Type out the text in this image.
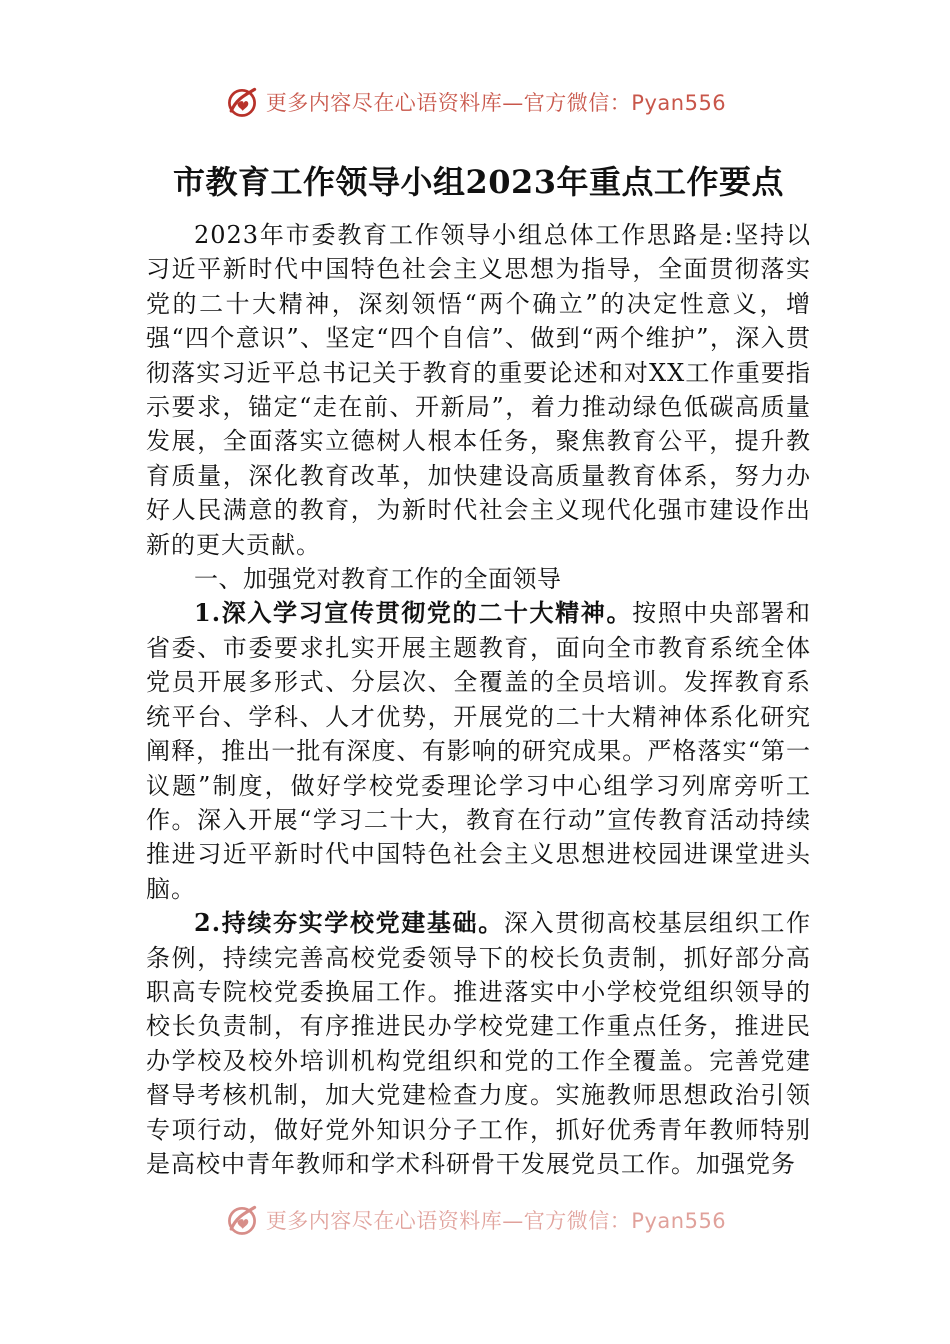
更多内容尽在心语资料库—官方微信：Pyan556
市教育工作领导小组2023年重点工作要点

2023年市委教育工作领导小组总体工作思路是:坚持以习近平新时代中国特色社会主义思想为指导，全面贯彻落实党的二十大精神，深刻领悟“两个确立”的决定性意义，增强“四个意识”、坚定“四个自信”、做到“两个维护”，深入贯彻落实习近平总书记关于教育的重要论述和对XX工作重要指示要求，锚定“走在前、开新局”，着力推动绿色低碳高质量发展，全面落实立德树人根本任务，聚焦教育公平，提升教育质量，深化教育改革，加快建设高质量教育体系，努力办好人民满意的教育，为新时代社会主义现代化强市建设作出新的更大贡献。

一、加强党对教育工作的全面领导

1.深入学习宣传贯彻党的二十大精神。按照中央部署和省委、市委要求扎实开展主题教育，面向全市教育系统全体党员开展多形式、分层次、全覆盖的全员培训。发挥教育系统平台、学科、人才优势，开展党的二十大精神体系化研究阐释，推出一批有深度、有影响的研究成果。严格落实“第一议题”制度，做好学校党委理论学习中心组学习列席旁听工作。深入开展“学习二十大，教育在行动”宣传教育活动持续推进习近平新时代中国特色社会主义思想进校园进课堂进头脑。

2.持续夯实学校党建基础。深入贯彻高校基层组织工作条例，持续完善高校党委领导下的校长负责制，抓好部分高职高专院校党委换届工作。推进落实中小学校党组织领导的校长负责制，有序推进民办学校党建工作重点任务，推进民办学校及校外培训机构党组织和党的工作全覆盖。完善党建督导考核机制，加大党建检查力度。实施教师思想政治引领专项行动，做好党外知识分子工作，抓好优秀青年教师特别是高校中青年教师和学术科研骨干发展党员工作。加强党务

更多内容尽在心语资料库—官方微信：Pyan556
